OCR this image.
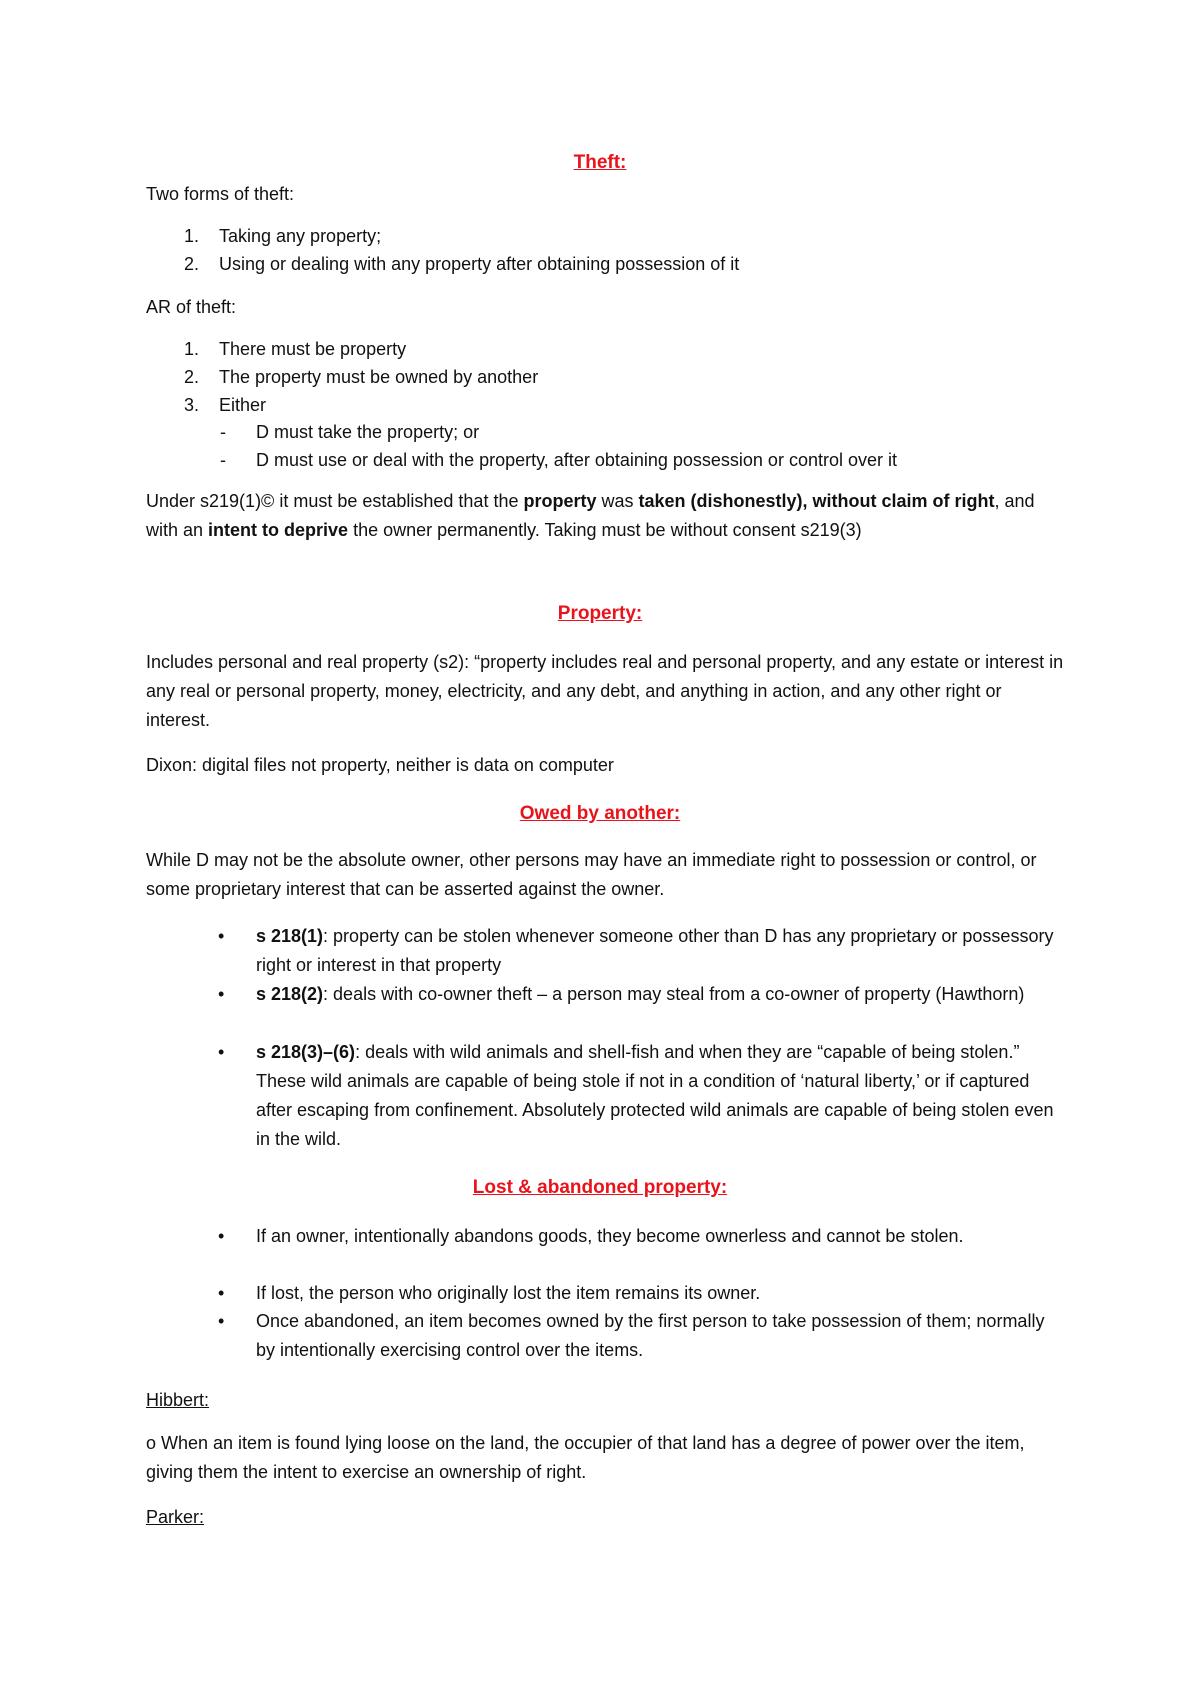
Theft:
Two forms of theft:
1. Taking any property;
2. Using or dealing with any property after obtaining possession of it
AR of theft:
1. There must be property
2. The property must be owned by another
3. Either
- D must take the property; or
- D must use or deal with the property, after obtaining possession or control over it

Under s219(1)© it must be established that the property was taken (dishonestly), without claim of right, and with an intent to deprive the owner permanently. Taking must be without consent s219(3)

Property:

Includes personal and real property (s2): “property includes real and personal property, and any estate or interest in any real or personal property, money, electricity, and any debt, and anything in action, and any other right or interest.

Dixon: digital files not property, neither is data on computer
Owed by another:

While D may not be the absolute owner, other persons may have an immediate right to possession or control, or some proprietary interest that can be asserted against the owner.

• s 218(1): property can be stolen whenever someone other than D has any proprietary or possessory right or interest in that property

• s 218(2): deals with co-owner theft – a person may steal from a co-owner of property (Hawthorn)

• s 218(3)–(6): deals with wild animals and shell-fish and when they are “capable of being stolen.” These wild animals are capable of being stole if not in a condition of ‘natural liberty,’ or if captured after escaping from confinement. Absolutely protected wild animals are capable of being stolen even in the wild.

Lost & abandoned property:
• If an owner, intentionally abandons goods, they become ownerless and cannot be stolen.

• If lost, the person who originally lost the item remains its owner.

• Once abandoned, an item becomes owned by the first person to take possession of them; normally by intentionally exercising control over the items.

Hibbert:

o When an item is found lying loose on the land, the occupier of that land has a degree of power over the item, giving them the intent to exercise an ownership of right.

Parker:
